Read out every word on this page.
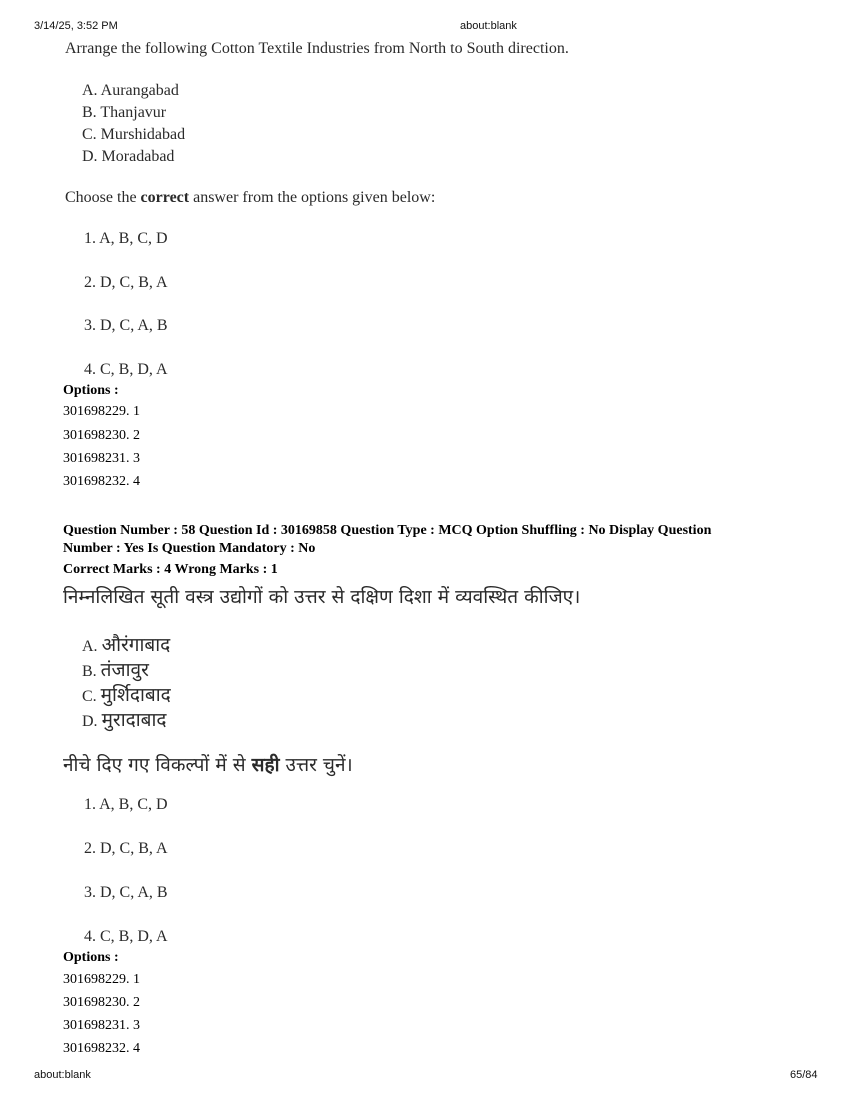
3/14/25, 3:52 PM	about:blank
Arrange the following Cotton Textile Industries from North to South direction.
A. Aurangabad
B. Thanjavur
C. Murshidabad
D. Moradabad
Choose the correct answer from the options given below:
1. A, B, C, D
2. D, C, B, A
3. D, C, A, B
4. C, B, D, A
Options :
301698229. 1
301698230. 2
301698231. 3
301698232. 4
Question Number : 58 Question Id : 30169858 Question Type : MCQ Option Shuffling : No Display Question
Number : Yes Is Question Mandatory : No
Correct Marks : 4 Wrong Marks : 1
निम्नलिखित सूती वस्त्र उद्योगों को उत्तर से दक्षिण दिशा में व्यवस्थित कीजिए।
A. औरंगाबाद
B. तंजावुर
C. मुर्शिदाबाद
D. मुरादाबाद
नीचे दिए गए विकल्पों में से सही उत्तर चुनें।
1. A, B, C, D
2. D, C, B, A
3. D, C, A, B
4. C, B, D, A
Options :
301698229. 1
301698230. 2
301698231. 3
301698232. 4
about:blank	65/84
